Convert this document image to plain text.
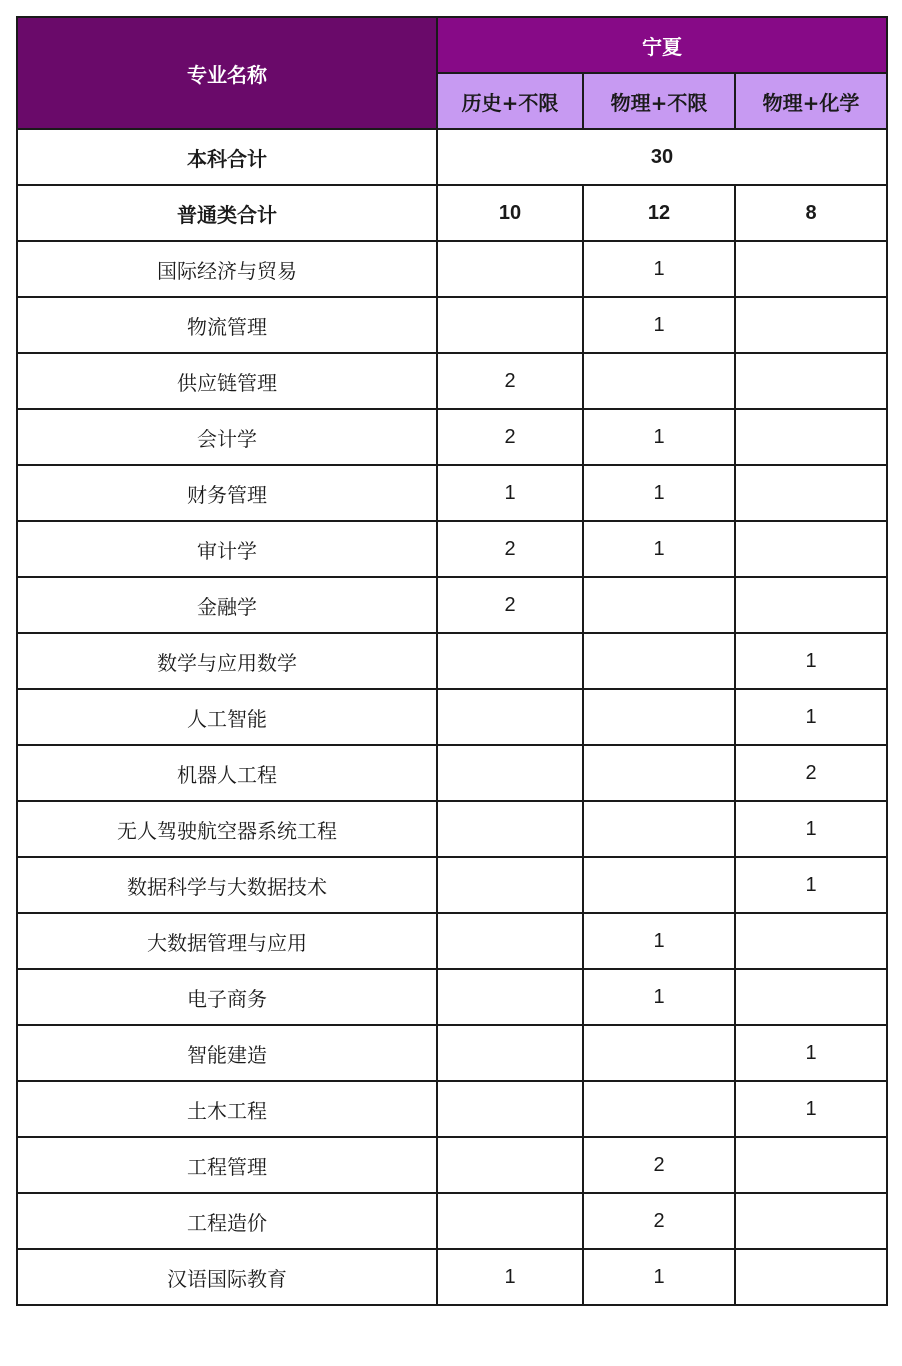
专业名称	宁夏		
	历史+不限	物理+不限	物理+化学
本科合计	30		
普通类合计	10	12	8
国际经济与贸易		1	
物流管理		1	
供应链管理	2		
会计学	2	1	
财务管理	1	1	
审计学	2	1	
金融学	2		
数学与应用数学			1
人工智能			1
机器人工程			2
无人驾驶航空器系统工程			1
数据科学与大数据技术			1
大数据管理与应用		1	
电子商务		1	
智能建造			1
土木工程			1
工程管理		2	
工程造价		2	
汉语国际教育	1	1	
